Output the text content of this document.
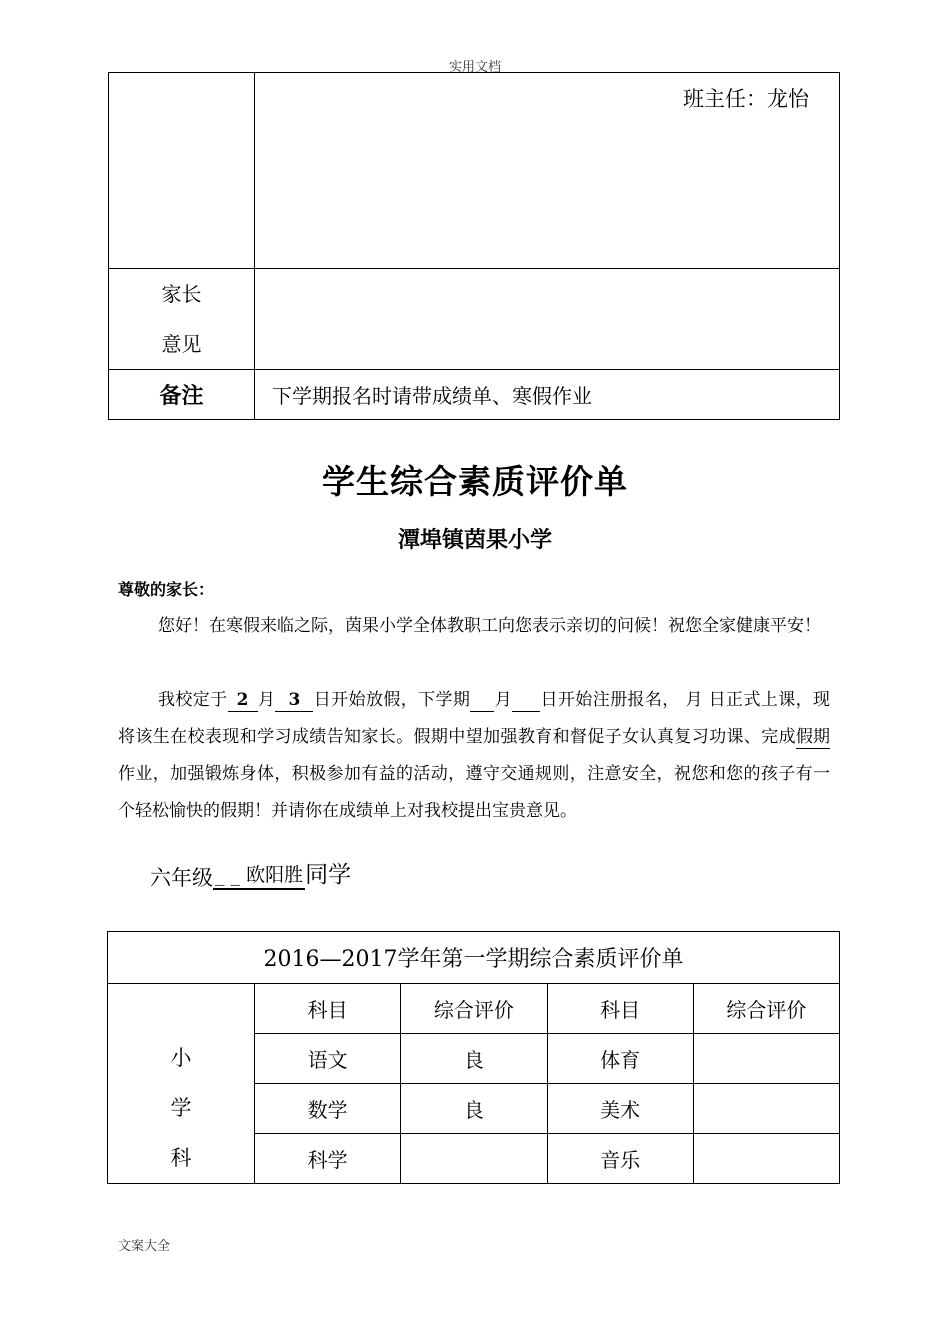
实用文档

	班主任：龙怡

家长
意见	

备注	下学期报名时请带成绩单、寒假作业
学生综合素质评价单
潭埠镇茵果小学
尊敬的家长：
您好！在寒假来临之际，茵果小学全体教职工向您表示亲切的问候！祝您全家健康平安！
我校定于 2 月 3 日开始放假，下学期 月 日开始注册报名， 月 日正式上课，现将该生在校表现和学习成绩告知家长。假期中望加强教育和督促子女认真复习功课、完成假期作业，加强锻炼身体，积极参加有益的活动，遵守交通规则，注意安全，祝您和您的孩子有一个轻松愉快的假期！并请你在成绩单上对我校提出宝贵意见。
六年级 _ _ 欧阳胜同学
2016—2017学年第一学期综合素质评价单				

小
学
科	科目	综合评价	科目	综合评价
	语文	良	体育	
	数学	良	美术	
	科学		音乐	
文案大全
